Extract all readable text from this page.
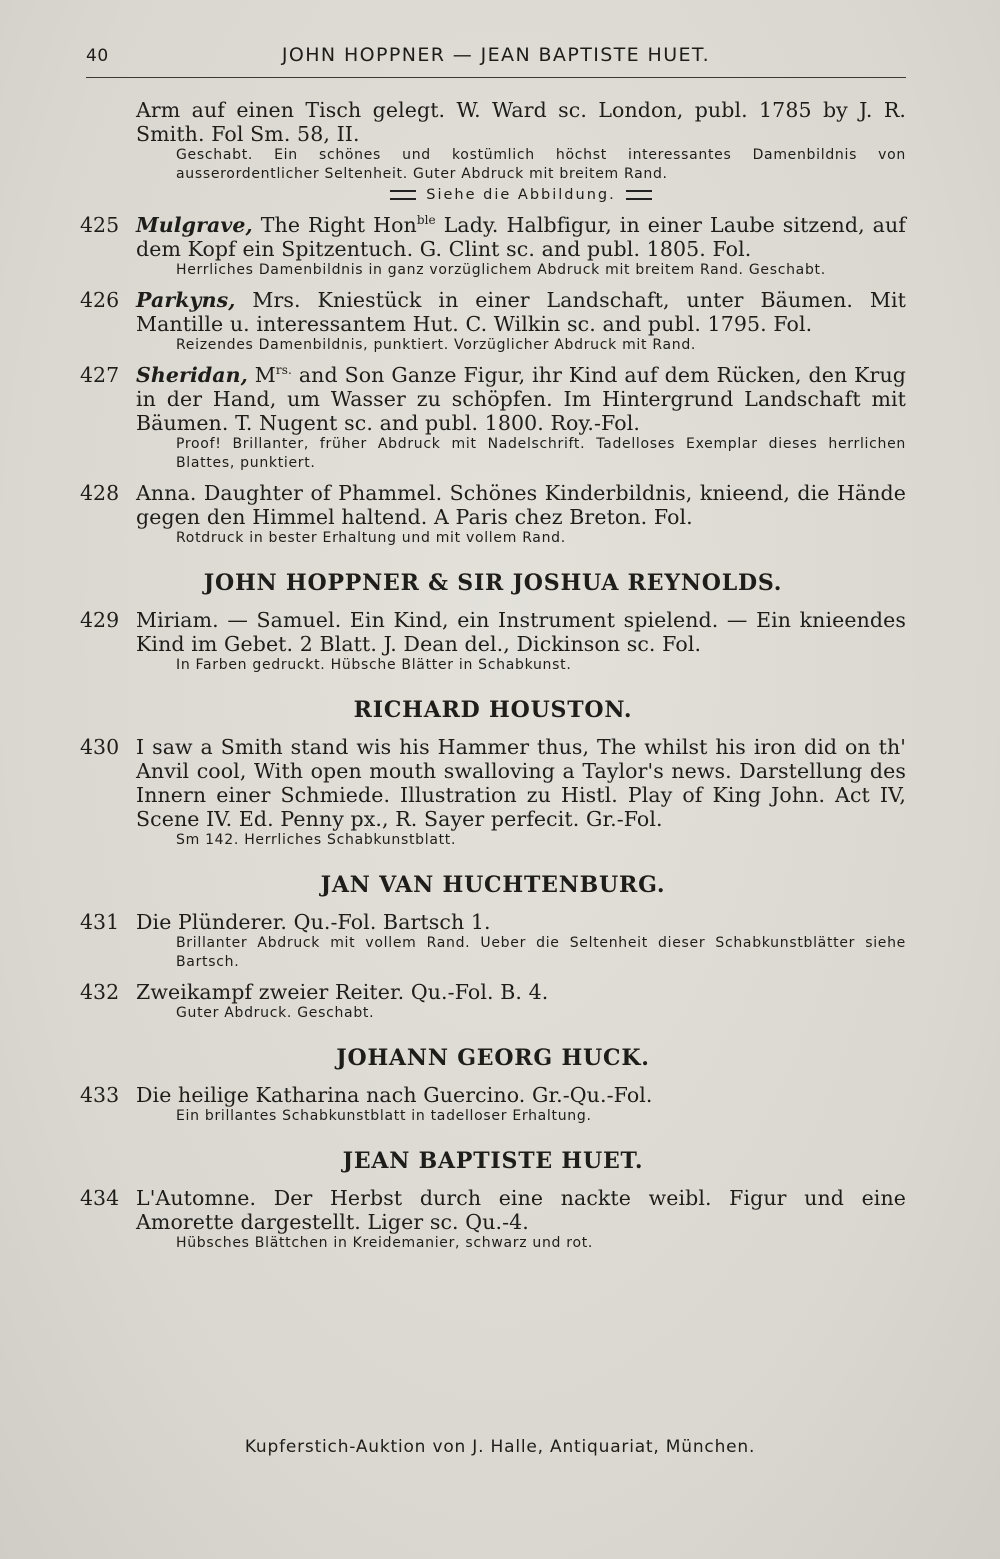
40	JOHN HOPPNER — JEAN BAPTISTE HUET.

Arm auf einen Tisch gelegt. W. Ward sc. London, publ. 1785 by J. R. Smith. Fol Sm. 58, II.

Geschabt. Ein schönes und kostümlich höchst interessantes Damenbildnis von ausserordentlicher Seltenheit. Guter Abdruck mit breitem Rand.

Siehe die Abbildung.
425 Mulgrave, The Right Hon$^{ble}$ Lady. Halbfigur, in einer Laube sitzend, auf dem Kopf ein Spitzentuch. G. Clint sc. and publ. 1805. Fol.

Herrliches Damenbildnis in ganz vorzüglichem Abdruck mit breitem Rand. Geschabt.

426 Parkyns, Mrs. Kniestück in einer Landschaft, unter Bäumen. Mit Mantille u. interessantem Hut. C. Wilkin sc. and publ. 1795. Fol.

Reizendes Damenbildnis, punktiert. Vorzüglicher Abdruck mit Rand.

427 Sheridan, $M^{rs.}$ and Son Ganze Figur, ihr Kind auf dem Rücken, den Krug in der Hand, um Wasser zu schöpfen. Im Hintergrund Landschaft mit Bäumen. T. Nugent sc. and publ. 1800. Roy.-Fol.

Proof! Brillanter, früher Abdruck mit Nadelschrift. Tadelloses Exemplar dieses herrlichen Blattes, punktiert.

428 Anna. Daughter of Phammel. Schönes Kinderbildnis, knieend, die Hände gegen den Himmel haltend. A Paris chez Breton. Fol.

Rotdruck in bester Erhaltung und mit vollem Rand.

JOHN HOPPNER & SIR JOSHUA REYNOLDS.
429 Miriam. — Samuel. Ein Kind, ein Instrument spielend. — Ein knieendes Kind im Gebet. 2 Blatt. J. Dean del., Dickinson sc. Fol.

In Farben gedruckt. Hübsche Blätter in Schabkunst.

RICHARD HOUSTON.
430 I saw a Smith stand wis his Hammer thus, The whilst his iron did on th' Anvil cool, With open mouth swalloving a Taylor's news. Darstellung des Innern einer Schmiede. Illustration zu Histl. Play of King John. Act IV, Scene IV. Ed. Penny px., R. Sayer perfecit. Gr.-Fol.

Sm 142. Herrliches Schabkunstblatt.

JAN VAN HUCHTENBURG.
431 Die Plünderer. Qu.-Fol. Bartsch 1.

Brillanter Abdruck mit vollem Rand. Ueber die Seltenheit dieser Schabkunstblätter siehe Bartsch.

432 Zweikampf zweier Reiter. Qu.-Fol. B. 4.

Guter Abdruck. Geschabt.

JOHANN GEORG HUCK.
433 Die heilige Katharina nach Guercino. Gr.-Qu.-Fol.

Ein brillantes Schabkunstblatt in tadelloser Erhaltung.

JEAN BAPTISTE HUET.
434 L'Automne. Der Herbst durch eine nackte weibl. Figur und eine Amorette dargestellt. Liger sc. Qu.-4.

Hübsches Blättchen in Kreidemanier, schwarz und rot.

Kupferstich-Auktion von J. Halle, Antiquariat, München.
